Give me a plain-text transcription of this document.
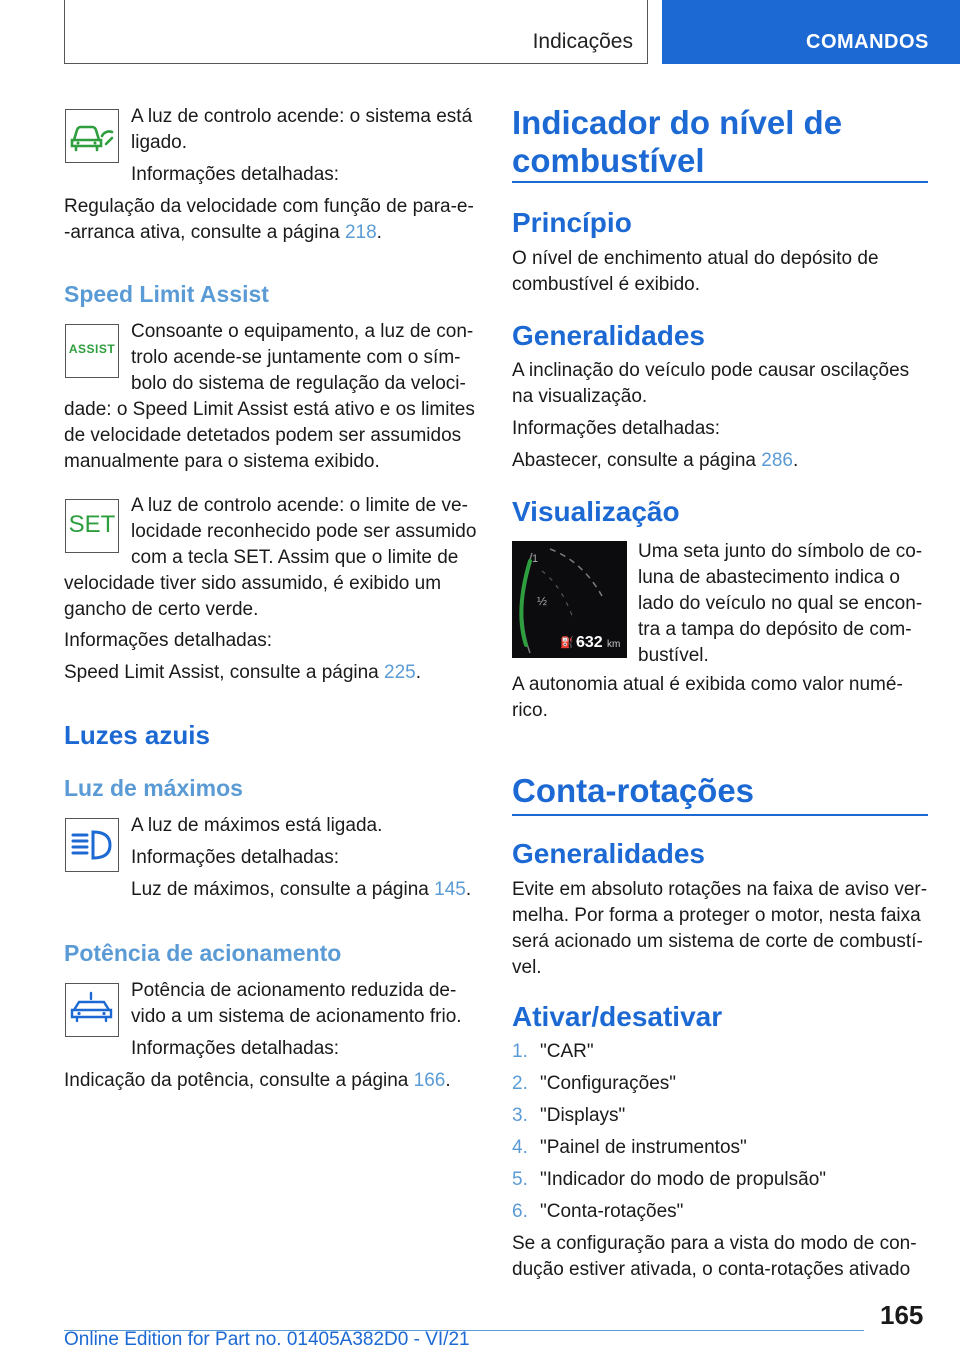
Indicações	COMANDOS
A luz de controlo acende: o sistema está
ligado.
Informações detalhadas:
Regulação da velocidade com função de para-e-
-arranca ativa, consulte a página 218.
Speed Limit Assist
ASSIST
Consoante o equipamento, a luz de con-
trolo acende-se juntamente com o sím-
bolo do sistema de regulação da veloci-
dade: o Speed Limit Assist está ativo e os limites
de velocidade detetados podem ser assumidos
manualmente para o sistema exibido.
SET
A luz de controlo acende: o limite de ve-
locidade reconhecido pode ser assumido
com a tecla SET. Assim que o limite de
velocidade tiver sido assumido, é exibido um
gancho de certo verde.
Informações detalhadas:
Speed Limit Assist, consulte a página 225.
Luzes azuis
Luz de máximos
A luz de máximos está ligada.
Informações detalhadas:
Luz de máximos, consulte a página 145.
Potência de acionamento
Potência de acionamento reduzida de-
vido a um sistema de acionamento frio.
Informações detalhadas:
Indicação da potência, consulte a página 166.
Indicador do nível de
combustível
Princípio
O nível de enchimento atual do depósito de
combustível é exibido.
Generalidades
A inclinação do veículo pode causar oscilações
na visualização.
Informações detalhadas:
Abastecer, consulte a página 286.
Visualização
1
½
⛽ 632 km
Uma seta junto do símbolo de co-
luna de abastecimento indica o
lado do veículo no qual se encon-
tra a tampa do depósito de com-
bustível.
A autonomia atual é exibida como valor numé-
rico.
Conta-rotações
Generalidades
Evite em absoluto rotações na faixa de aviso ver-
melha. Por forma a proteger o motor, nesta faixa
será acionado um sistema de corte de combustí-
vel.
Ativar/desativar
1. "CAR"
2. "Configurações"
3. "Displays"
4. "Painel de instrumentos"
5. "Indicador do modo de propulsão"
6. "Conta-rotações"
Se a configuração para a vista do modo de con-
dução estiver ativada, o conta-rotações ativado
165
Online Edition for Part no. 01405A382D0 - VI/21
